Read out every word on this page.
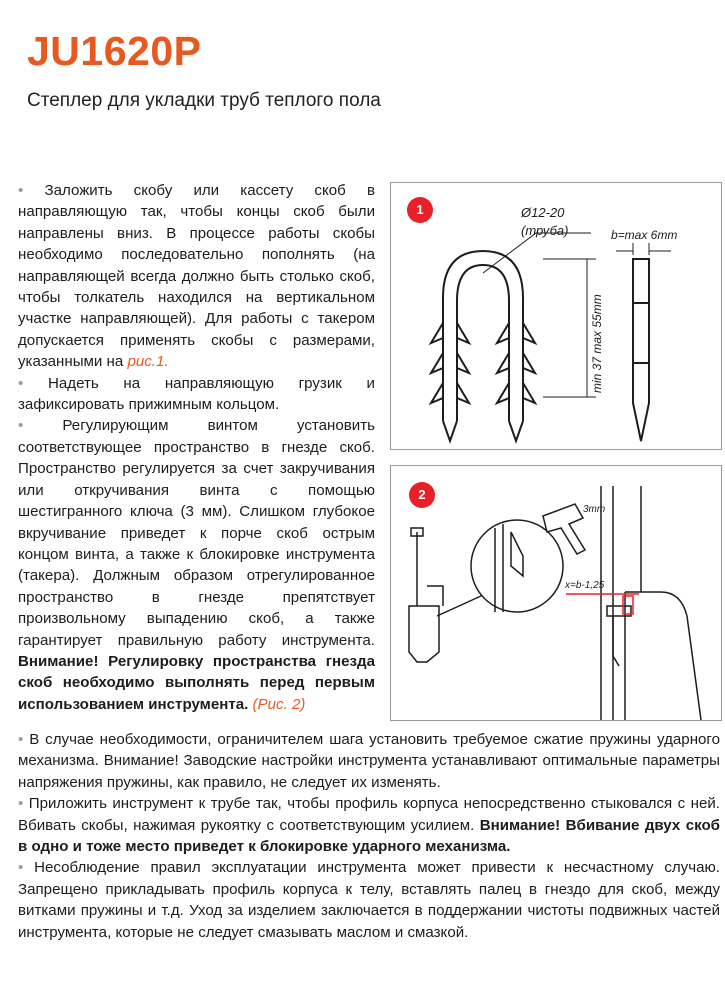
JU1620P
Степлер для укладки труб теплого пола

• Заложить скобу или кассету скоб в направляющую так, чтобы концы скоб были направлены вниз. В процессе работы скобы необходимо последовательно пополнять (на направляющей всегда должно быть столько скоб, чтобы толкатель находился на вертикальном участке направляющей). Для работы с такером допускается применять скобы с размерами, указанными на рис.1.

• Надеть на направляющую грузик и зафиксировать прижимным кольцом.

•	Регулирующим винтом установить соответствующее пространство в гнезде скоб. Пространство регулируется за счет закручивания или откручивания винта с помощью шестигранного ключа (3 мм). Слишком глубокое вкручивание приведет к порче скоб острым концом винта, а также к блокировке инструмента (такера). Должным образом отрегулированное пространство в гнезде препятствует произвольному выпадению скоб, а также гарантирует правильную работу инструмента. Внимание! Регулировку пространства гнезда скоб необходимо выполнять перед первым использованием инструмента. (Рис. 2)

• В случае необходимости, ограничителем шага установить требуемое сжатие пружины ударного механизма. Внимание! Заводские настройки инструмента устанавливают оптимальные параметры напряжения пружины, как правило, не следует их изменять.

• Приложить инструмент к трубе так, чтобы профиль корпуса непосредственно стыковался с ней. Вбивать скобы, нажимая рукоятку с соответствующим усилием. Внимание! Вбивание двух скоб в одно и тоже место приведет к блокировке ударного механизма.

• Несоблюдение правил эксплуатации инструмента может привести к несчастному случаю. Запрещено прикладывать профиль корпуса к телу, вставлять палец в гнездо для скоб, между витками пружины и т.д. Уход за изделием заключается в поддержании чистоты подвижных частей инструмента, которые не следует смазывать маслом и смазкой.

Ø12-20
(труба)	b=max 6mm
min 37 max 55mm
1
3mm
x=b-1,25
2
